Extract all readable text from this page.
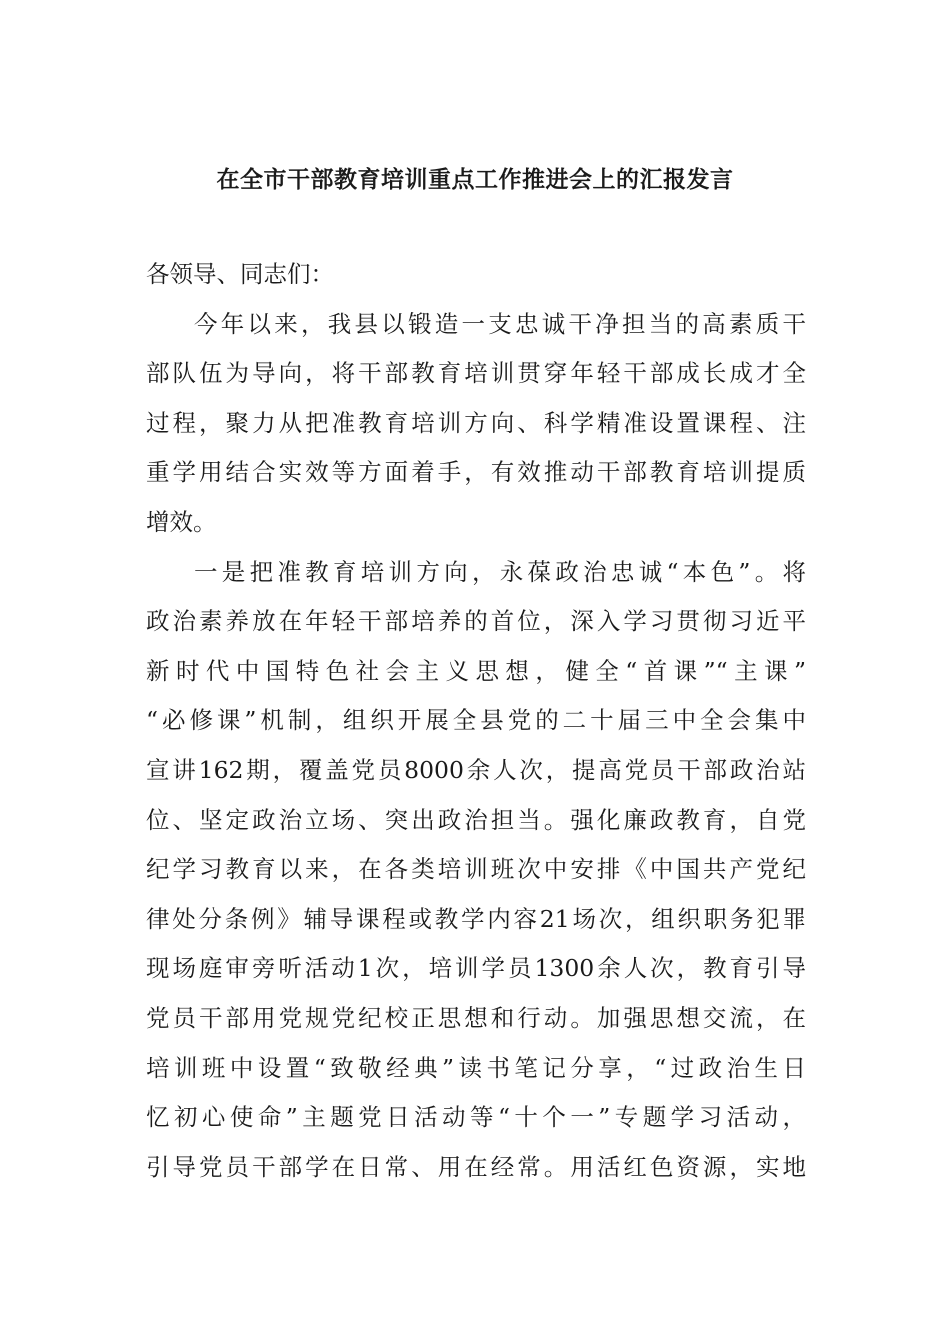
在全市干部教育培训重点工作推进会上的汇报发言
各领导、同志们：
今年以来，我县以锻造一支忠诚干净担当的高素质干
部队伍为导向，将干部教育培训贯穿年轻干部成长成才全
过程，聚力从把准教育培训方向、科学精准设置课程、注
重学用结合实效等方面着手，有效推动干部教育培训提质
增效。
一是把准教育培训方向，永葆政治忠诚“本色”。将
政治素养放在年轻干部培养的首位，深入学习贯彻习近平
新时代中国特色社会主义思想，健全“首课”“主课”
“必修课”机制，组织开展全县党的二十届三中全会集中
宣讲162期，覆盖党员8000余人次，提高党员干部政治站
位、坚定政治立场、突出政治担当。强化廉政教育，自党
纪学习教育以来，在各类培训班次中安排《中国共产党纪
律处分条例》辅导课程或教学内容21场次，组织职务犯罪
现场庭审旁听活动1次，培训学员1300余人次，教育引导
党员干部用党规党纪校正思想和行动。加强思想交流，在
培训班中设置“致敬经典”读书笔记分享，“过政治生日
忆初心使命”主题党日活动等“十个一”专题学习活动，
引导党员干部学在日常、用在经常。用活红色资源，实地
